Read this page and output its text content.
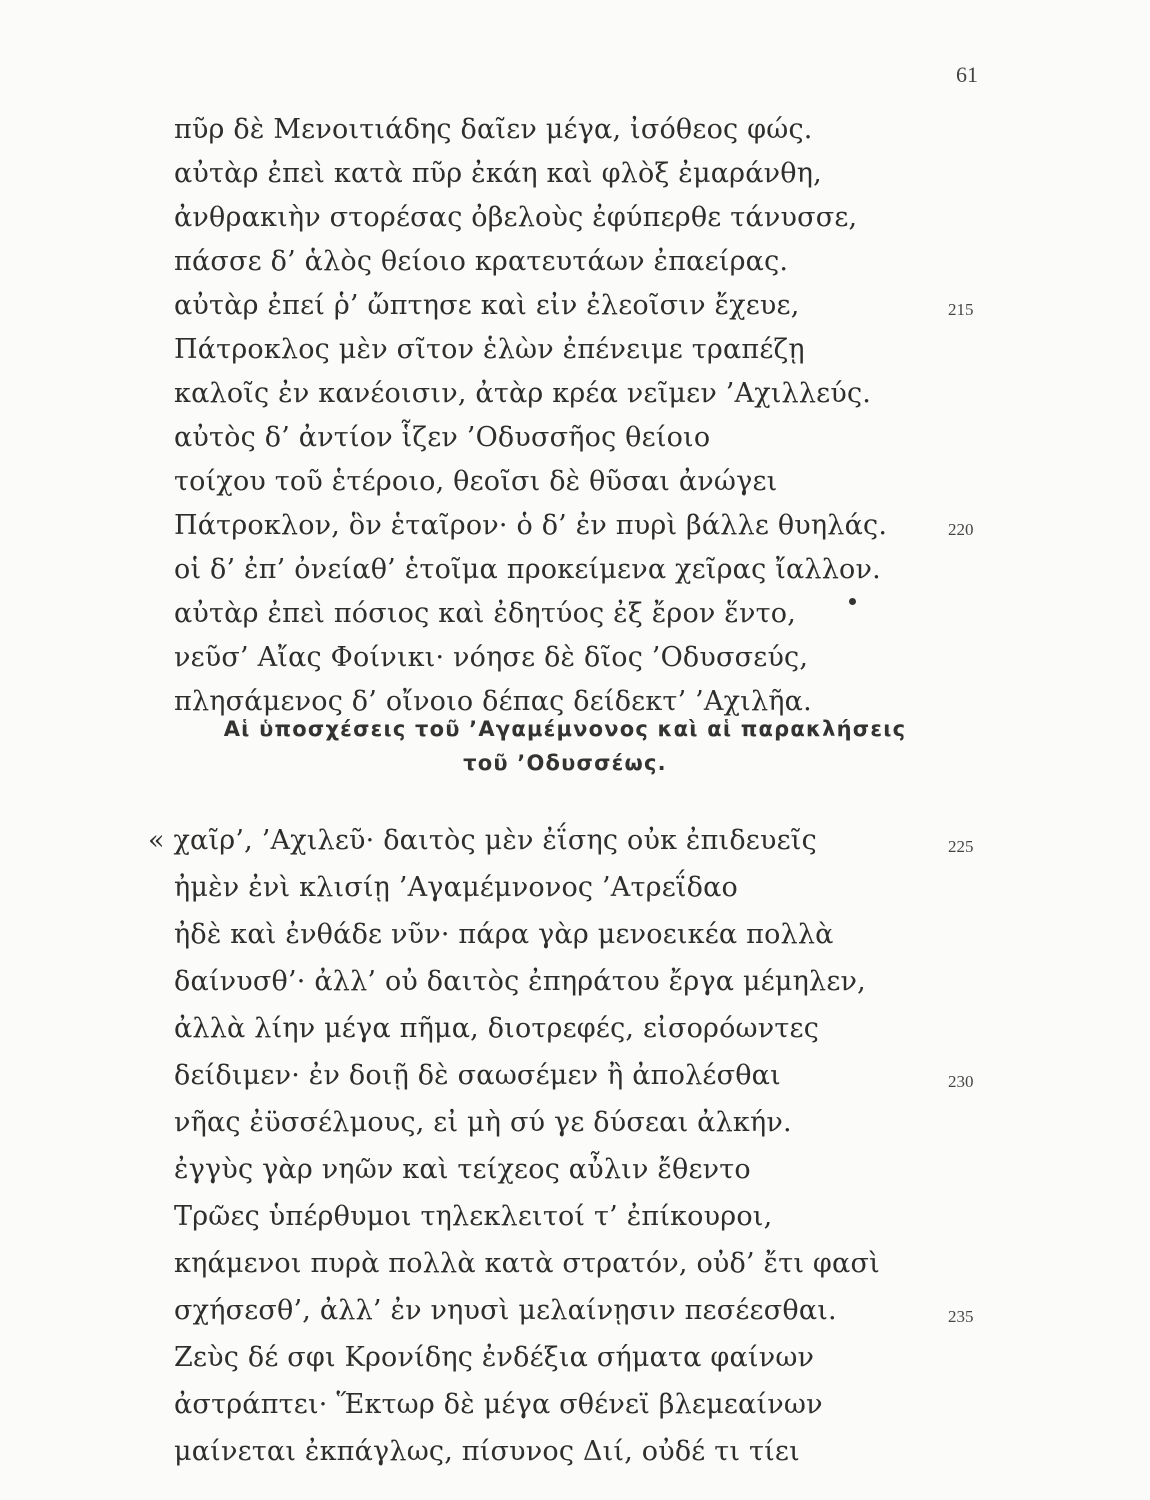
61
πῦρ δὲ Μενοιτιάδης δαῖεν μέγα, ἰσόθεος φώς.
αὐτὰρ ἐπεὶ κατὰ πῦρ ἐκάη καὶ φλὸξ ἐμαράνθη,
ἀνθρακιὴν στορέσας ὀβελοὺς ἐφύπερθε τάνυσσε,
πάσσε δ’ ἁλὸς θείοιο κρατευτάων ἐπαείρας.
αὐτὰρ ἐπεί ῥ’ ὤπτησε καὶ εἰν ἐλεοῖσιν ἔχευε,
Πάτροκλος μὲν σῖτον ἑλὼν ἐπένειμε τραπέζῃ
καλοῖς ἐν κανέοισιν, ἀτὰρ κρέα νεῖμεν ’Αχιλλεύς.
αὐτὸς δ’ ἀντίον ἷζεν ’Οδυσσῆος θείοιο
τοίχου τοῦ ἑτέροιο, θεοῖσι δὲ θῦσαι ἀνώγει
Πάτροκλον, ὃν ἑταῖρον· ὁ δ’ ἐν πυρὶ βάλλε θυηλάς.
οἱ δ’ ἐπ’ ὀνείαθ’ ἑτοῖμα προκείμενα χεῖρας ἴαλλον.
αὐτὰρ ἐπεὶ πόσιος καὶ ἐδητύος ἐξ ἔρον ἕντο,
νεῦσ’ Αἴας Φοίνικι· νόησε δὲ δῖος ’Οδυσσεύς,
πλησάμενος δ’ οἴνοιο δέπας δείδεκτ’ ’Αχιλῆα.
215
220
Αἱ ὑποσχέσεις τοῦ ’Αγαμέμνονος καὶ αἱ παρακλήσεις
τοῦ ’Οδυσσέως.
« χαῖρ’, ’Αχιλεῦ· δαιτὸς μὲν ἐΐσης οὐκ ἐπιδευεῖς
ἠμὲν ἐνὶ κλισίῃ ’Αγαμέμνονος ’Ατρεΐδαο
ἠδὲ καὶ ἐνθάδε νῦν· πάρα γὰρ μενοεικέα πολλὰ
δαίνυσθ’· ἀλλ’ οὐ δαιτὸς ἐπηράτου ἔργα μέμηλεν,
ἀλλὰ λίην μέγα πῆμα, διοτρεφές, εἰσορόωντες
δείδιμεν· ἐν δοιῇ δὲ σαωσέμεν ἢ ἀπολέσθαι
νῆας ἐϋσσέλμους, εἰ μὴ σύ γε δύσεαι ἀλκήν.
ἐγγὺς γὰρ νηῶν καὶ τείχεος αὖλιν ἔθεντο
Τρῶες ὑπέρθυμοι τηλεκλειτοί τ’ ἐπίκουροι,
κηάμενοι πυρὰ πολλὰ κατὰ στρατόν, οὐδ’ ἔτι φασὶ
σχήσεσθ’, ἀλλ’ ἐν νηυσὶ μελαίνῃσιν πεσέεσθαι.
Ζεὺς δέ σφι Κρονίδης ἐνδέξια σήματα φαίνων
ἀστράπτει· Ἕκτωρ δὲ μέγα σθένεϊ βλεμεαίνων
μαίνεται ἐκπάγλως, πίσυνος Διί, οὐδέ τι τίει
225
230
235
